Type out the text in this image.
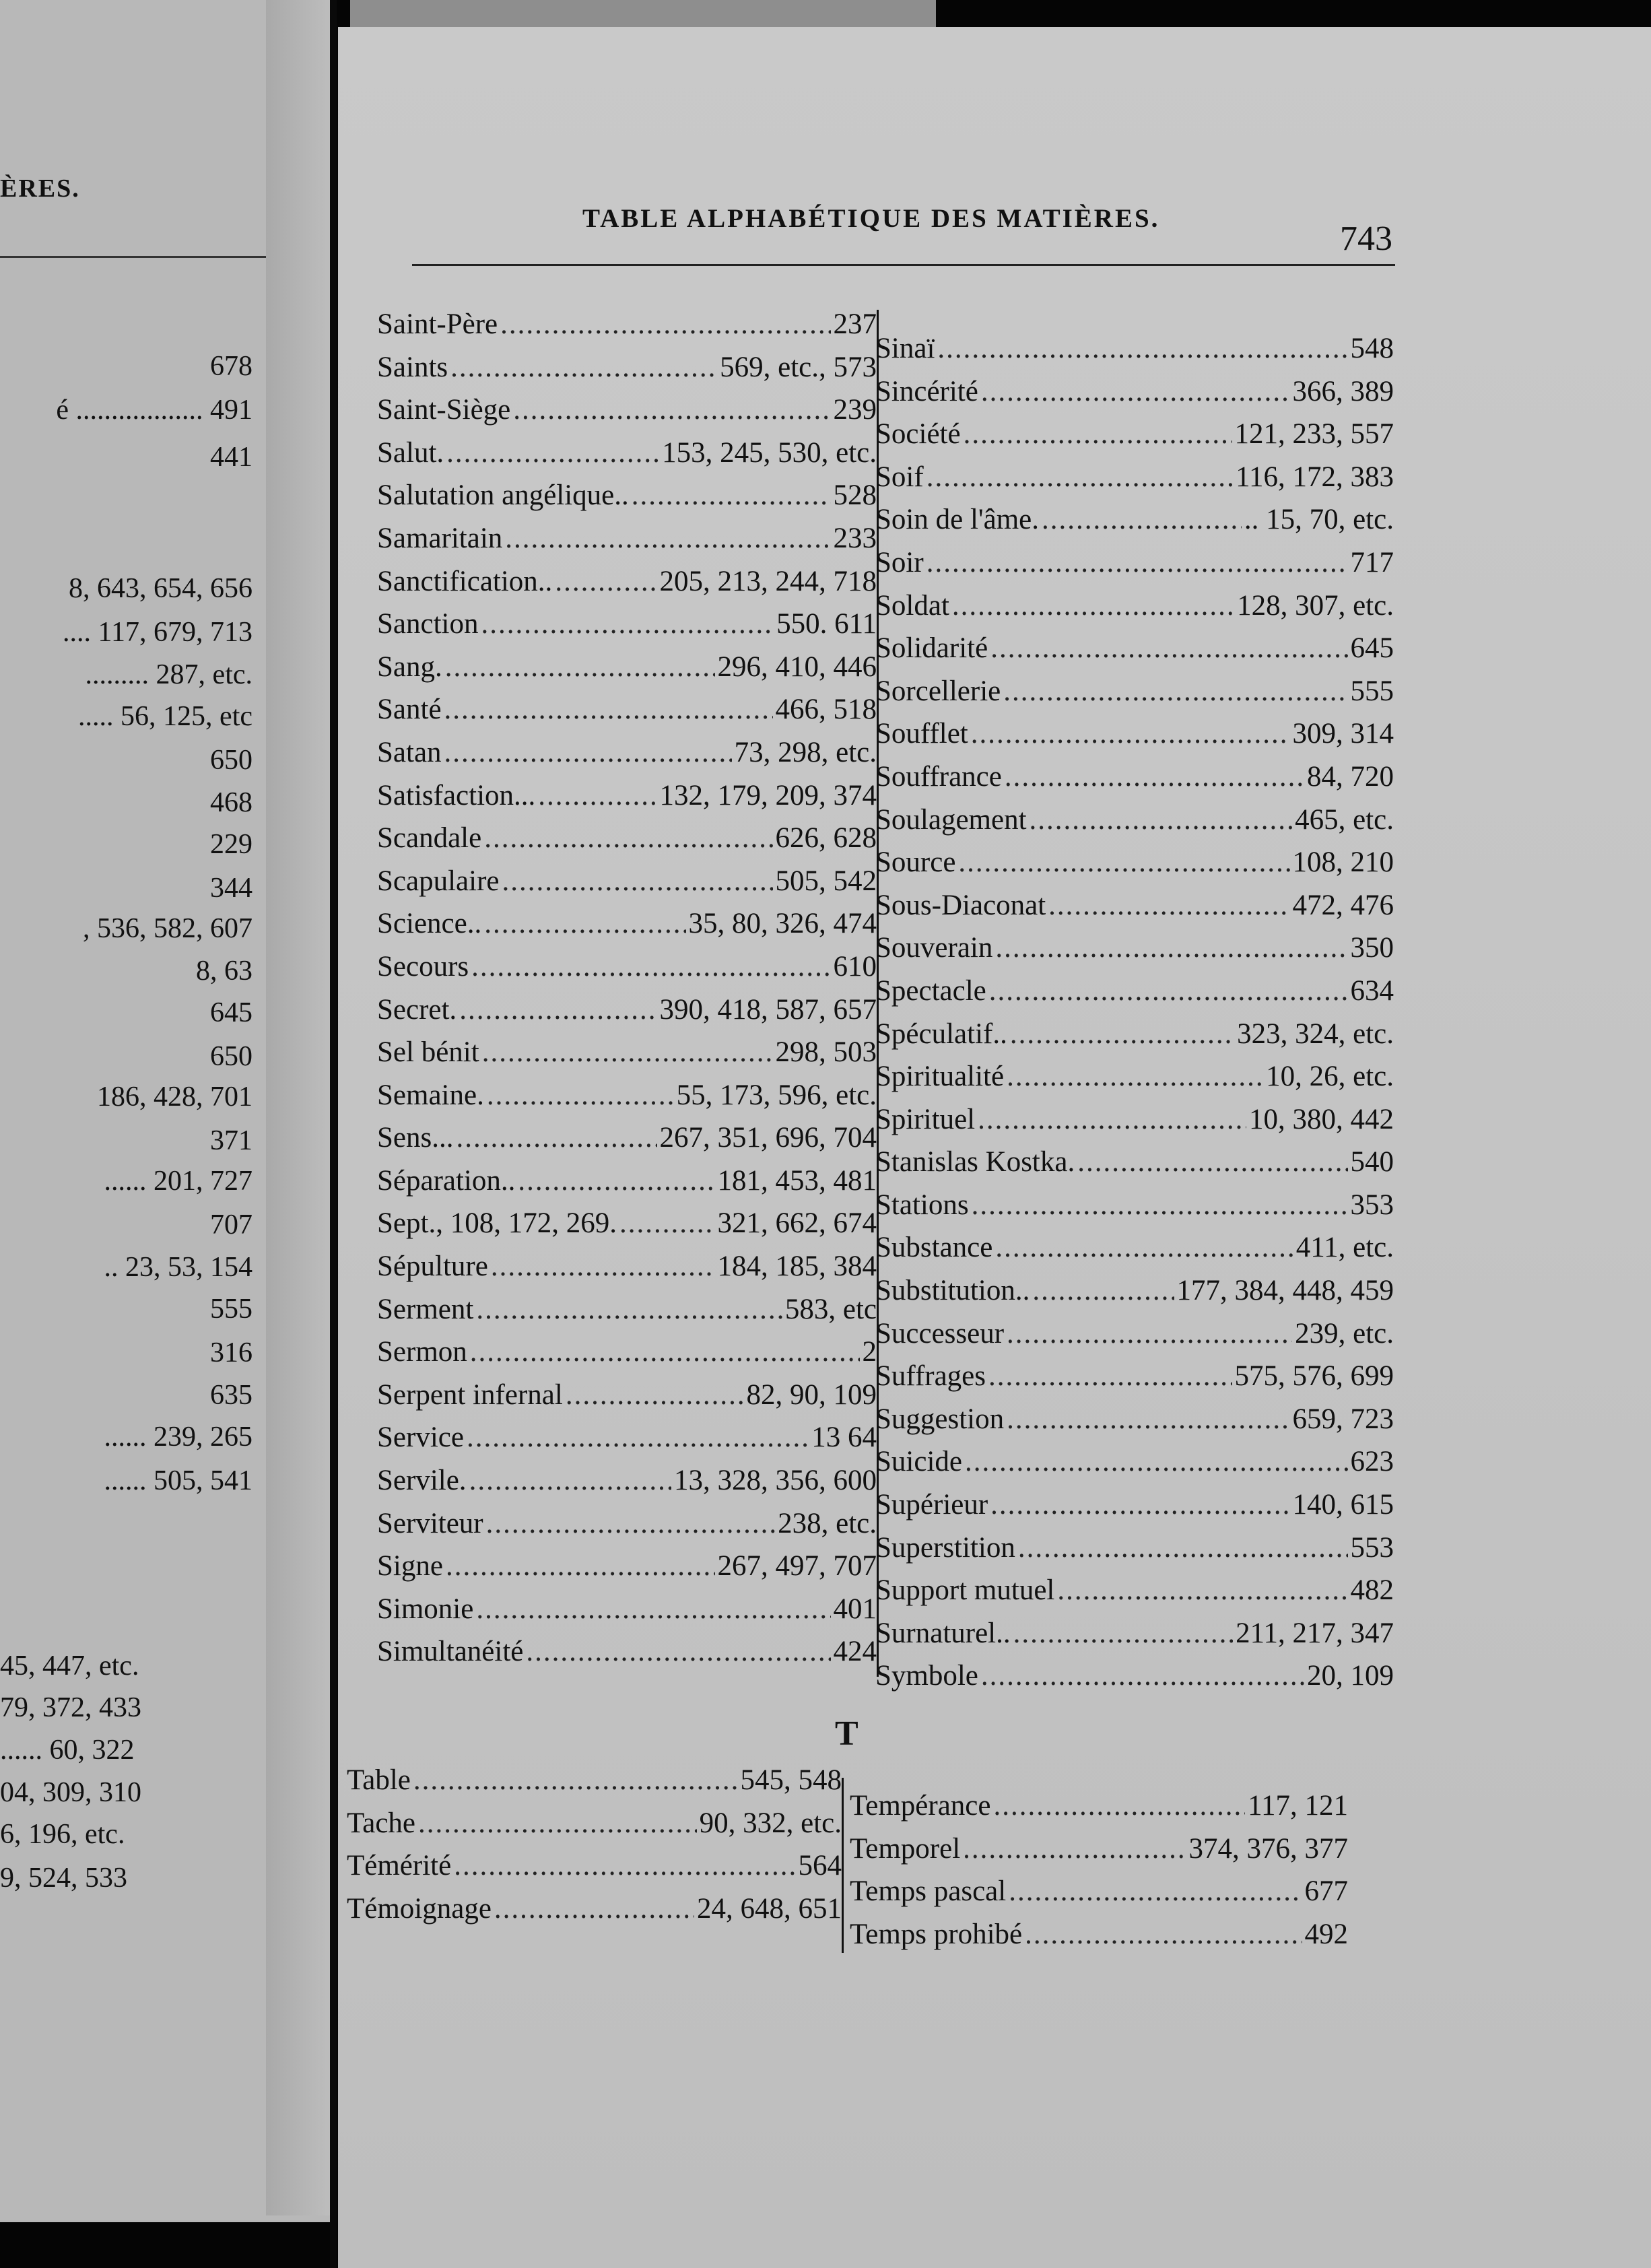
ÈRES.
678
é .................. 491
441
8, 643, 654, 656
.... 117, 679, 713
......... 287, etc.
..... 56, 125, etc
650
468
229
344
, 536, 582, 607
8, 63
645
650
186, 428, 701
371
...... 201, 727
707
.. 23, 53, 154
555
316
635
...... 239, 265
...... 505, 541
45, 447, etc.
79, 372, 433
...... 60, 322
04, 309, 310
6, 196, etc.
9, 524, 533
TABLE ALPHABÉTIQUE DES MATIÈRES.
743
Saint-Père .....	237
Saints .....	569, etc., 573
Saint-Siège .....	239
Salut. .....	153, 245, 530, etc.
Salutation angélique.. .....	528
Samaritain .....	233
Sanctification.. .....	205, 213, 244, 718
Sanction .....	550. 611
Sang. .....	296, 410, 446
Santé .....	466, 518
Satan .....	73, 298, etc.
Satisfaction... .....	132, 179, 209, 374
Scandale .....	626, 628
Scapulaire .....	505, 542
Science.. .....	35, 80, 326, 474
Secours .....	610
Secret. .....	390, 418, 587, 657
Sel bénit .....	298, 503
Semaine. .....	55, 173, 596, etc.
Sens... .....	267, 351, 696, 704
Séparation.. .....	181, 453, 481
Sept., 108, 172, 269. .....	321, 662, 674
Sépulture .....	184, 185, 384
Serment .....	583, etc
Sermon .....	2
Serpent infernal .....	82, 90, 109
Service .....	13 64
Servile. .....	13, 328, 356, 600
Serviteur .....	238, etc.
Signe .....	267, 497, 707
Simonie .....	401
Simultanéité .....	424
Sinaï .....	548
Sincérité .....	366, 389
Société .....	121, 233, 557
Soif .....	116, 172, 383
Soin de l'âme. .....	.. 15, 70, etc.
Soir .....	717
Soldat .....	128, 307, etc.
Solidarité .....	645
Sorcellerie .....	555
Soufflet .....	309, 314
Souffrance .....	84, 720
Soulagement .....	465, etc.
Source .....	108, 210
Sous-Diaconat .....	472, 476
Souverain .....	350
Spectacle .....	634
Spéculatif.. .....	323, 324, etc.
Spiritualité .....	10, 26, etc.
Spirituel .....	10, 380, 442
Stanislas Kostka. .....	540
Stations .....	353
Substance .....	411, etc.
Substitution.. .....	177, 384, 448, 459
Successeur .....	239, etc.
Suffrages .....	575, 576, 699
Suggestion .....	659, 723
Suicide .....	623
Supérieur .....	140, 615
Superstition .....	553
Support mutuel .....	482
Surnaturel.. .....	211, 217, 347
Symbole .....	20, 109
T
Table .....	545, 548
Tache .....	90, 332, etc.
Témérité .....	564
Témoignage .....	24, 648, 651
Tempérance .....	117, 121
Temporel .....	374, 376, 377
Temps pascal .....	677
Temps prohibé .....	492
